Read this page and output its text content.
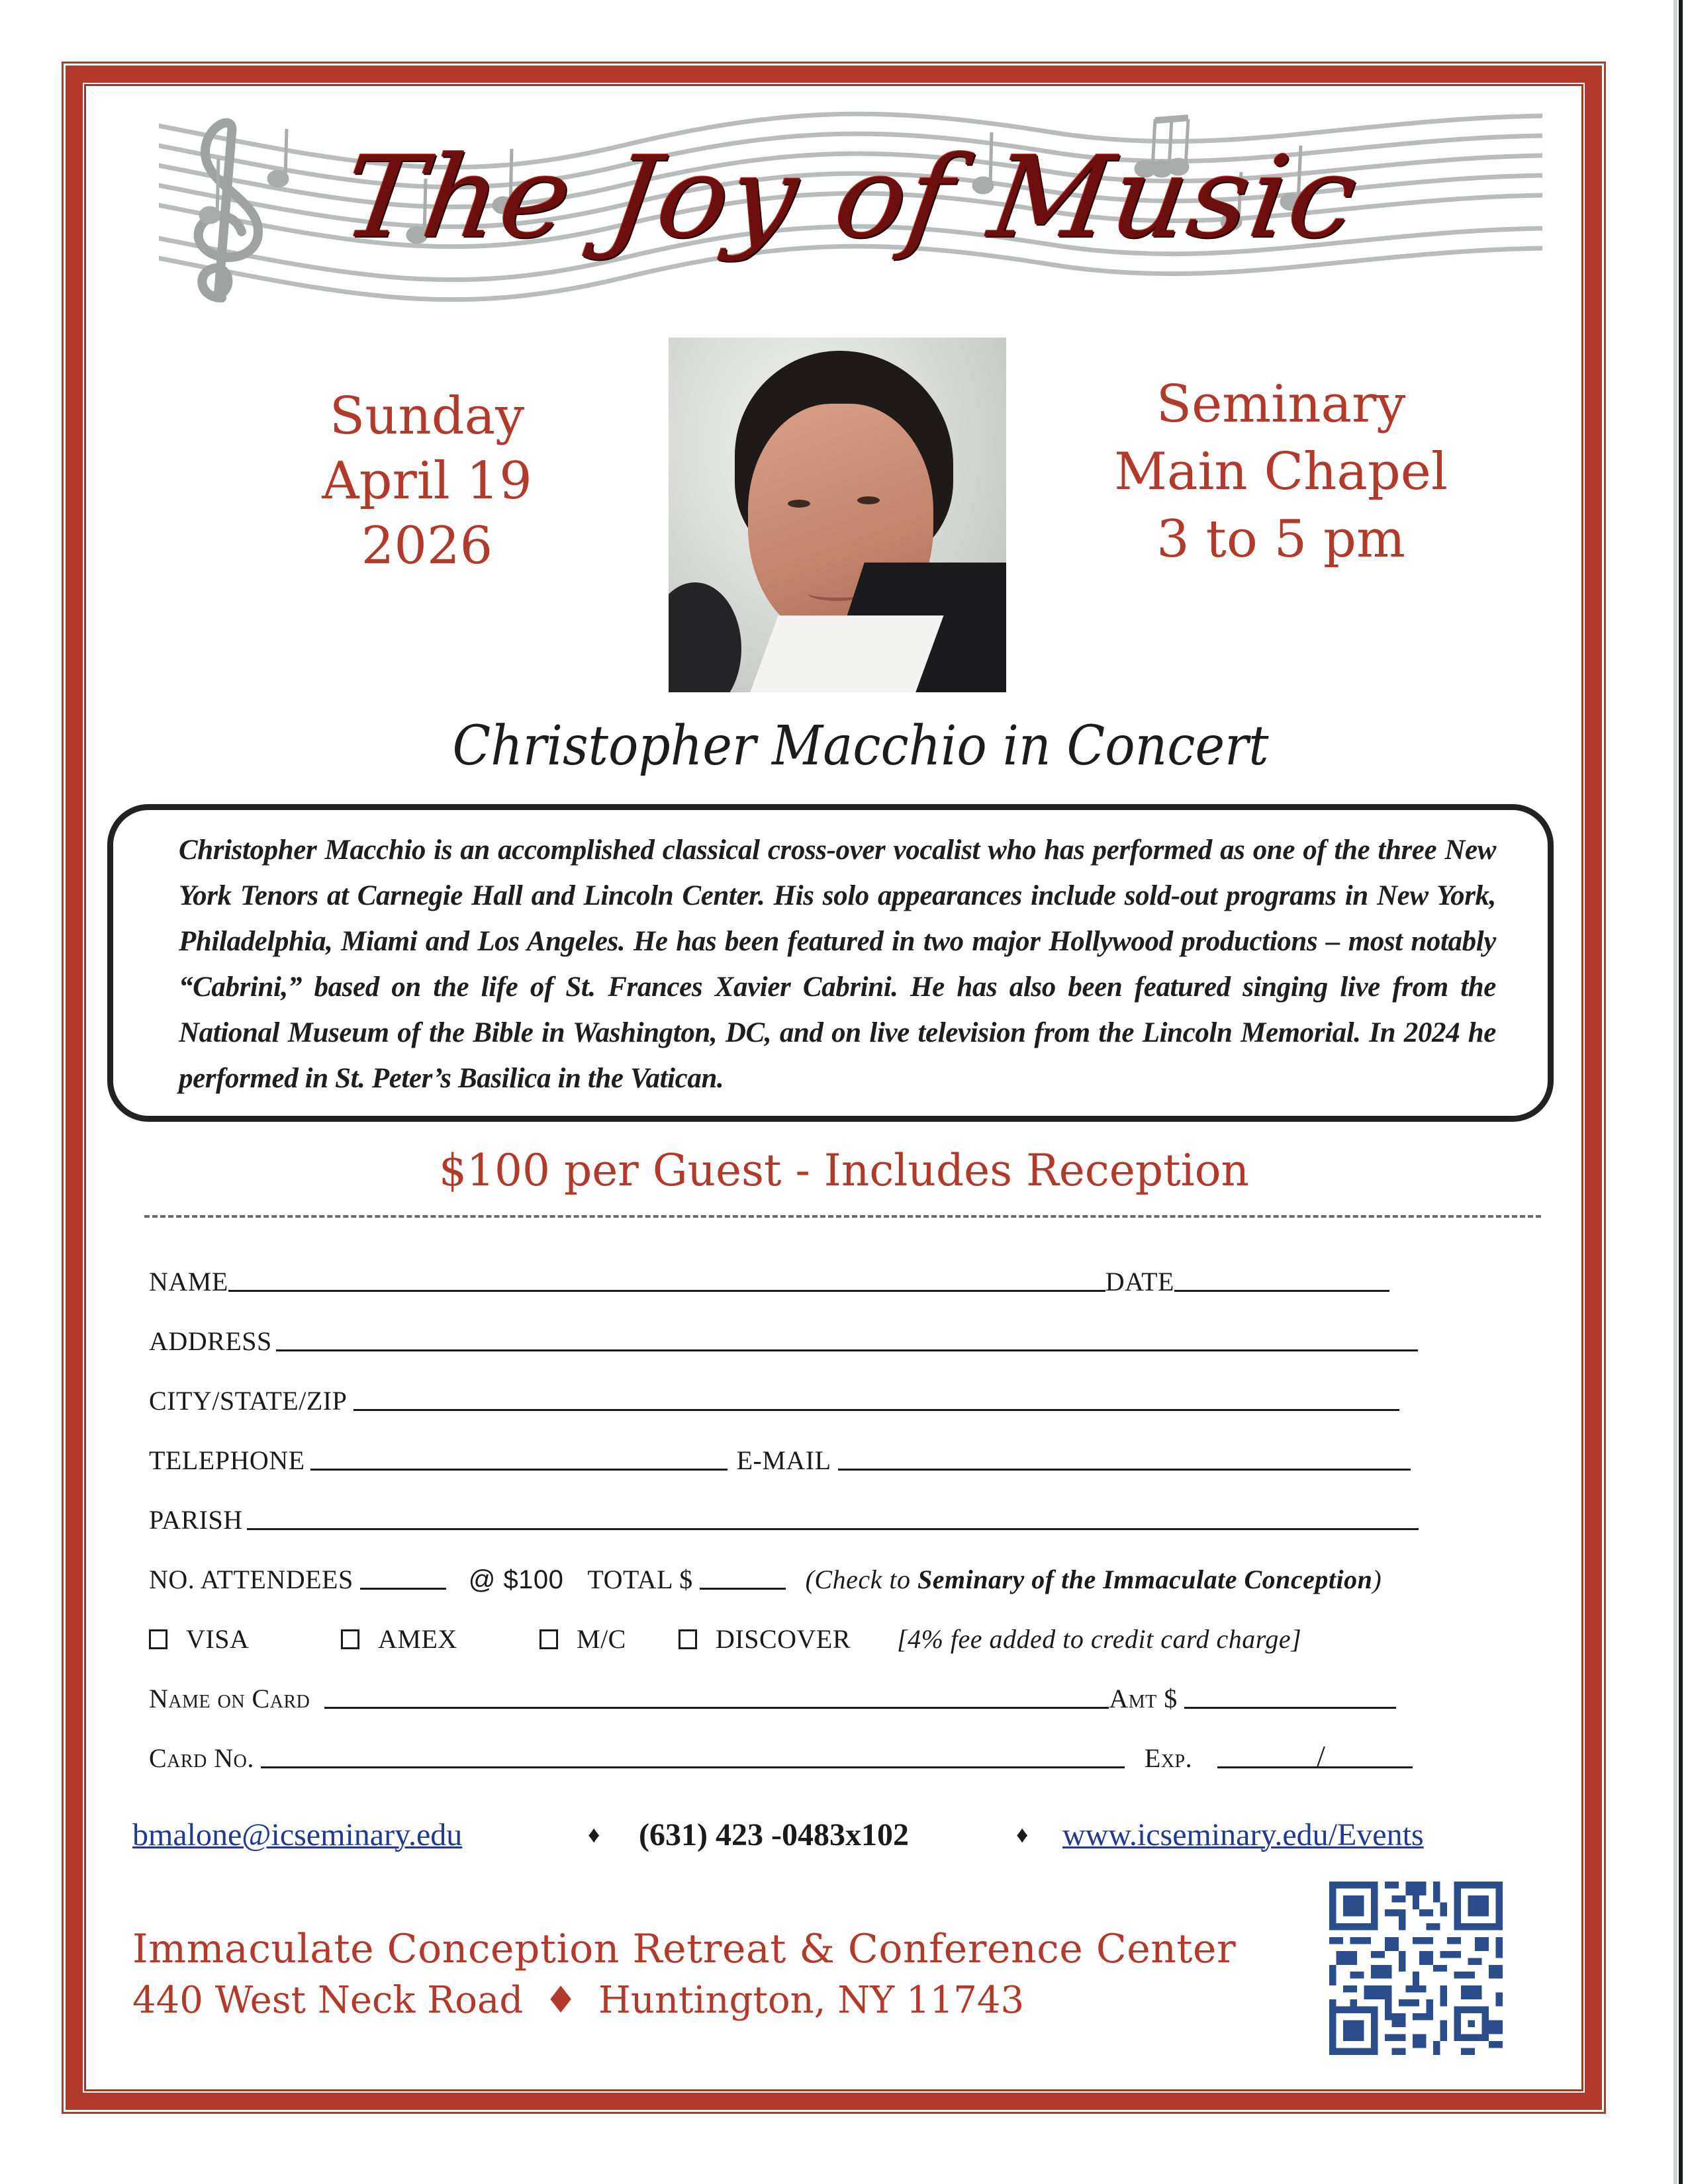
The Joy of Music
Sunday
April 19
2026
Seminary
Main Chapel
3 to 5 pm
Christopher Macchio in Concert
Christopher Macchio is an accomplished classical cross-over vocalist who has performed as one of the three New York Tenors at Carnegie Hall and Lincoln Center. His solo appearances include sold-out programs in New York, Philadelphia, Miami and Los Angeles. He has been featured in two major Hollywood productions – most notably “Cabrini,” based on the life of St. Frances Xavier Cabrini. He has also been featured singing live from the National Museum of the Bible in Washington, DC, and on live television from the Lincoln Memorial. In 2024 he performed in St. Peter’s Basilica in the Vatican.
$100 per Guest - Includes Reception
NAME	DATE
ADDRESS
CITY/STATE/ZIP
TELEPHONE	E-MAIL
PARISH
NO. ATTENDEES	@ $100 TOTAL $	(Check to Seminary of the Immaculate Conception)
VISA	AMEX	M/C	DISCOVER	[4% fee added to credit card charge]
Name on Card	Amt $
Card No.	Exp.	/
bmalone@icseminary.edu	♦ (631) 423 -0483x102	♦ www.icseminary.edu/Events
Immaculate Conception Retreat & Conference Center
440 West Neck Road ♦ Huntington, NY 11743
